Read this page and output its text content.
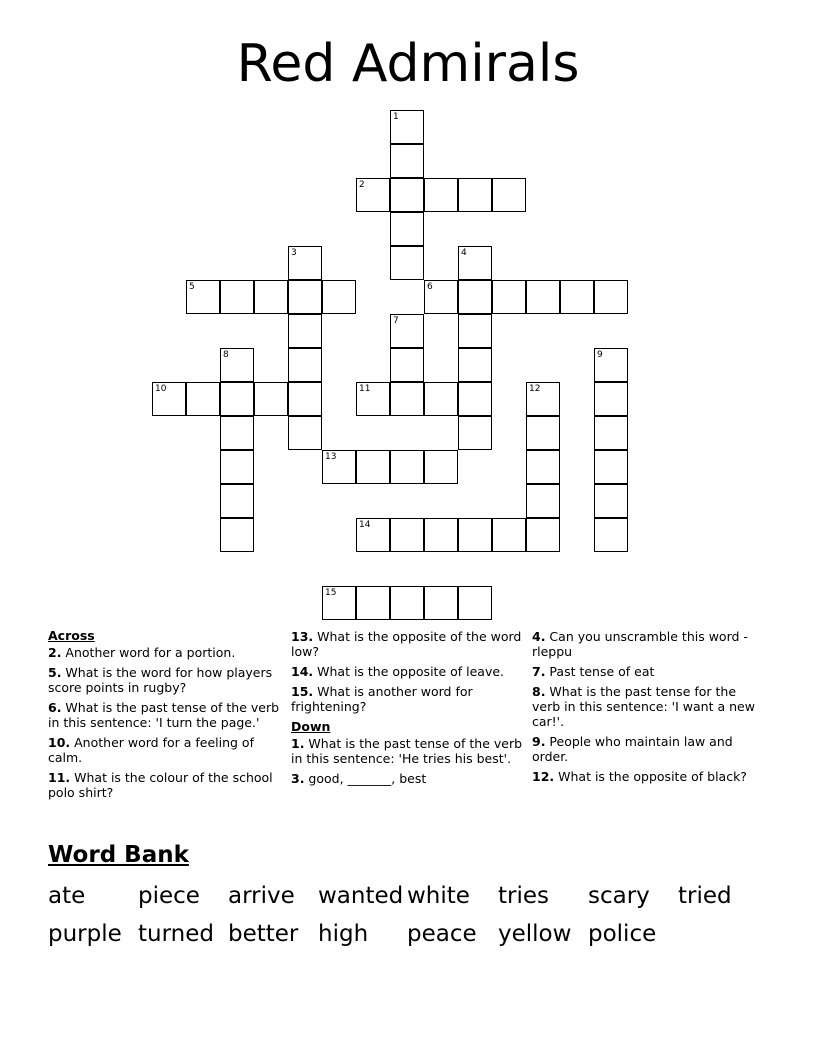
Red Admirals
1
2
3	4
5	6
7
8	9
10	11	12
13
14
15
Across
2. Another word for a portion.
5. What is the word for how players score points in rugby?
6. What is the past tense of the verb in this sentence: 'I turn the page.'
10. Another word for a feeling of calm.
11. What is the colour of the school polo shirt?
13. What is the opposite of the word low?
14. What is the opposite of leave.
15. What is another word for frightening?
Down
1. What is the past tense of the verb in this sentence: 'He tries his best'.
3. good, _______, best
4. Can you unscramble this word - rleppu
7. Past tense of eat
8. What is the past tense for the verb in this sentence: 'I want a new car!'.
9. People who maintain law and order.
12. What is the opposite of black?
Word Bank
ate piece arrive wanted white tries scary tried
purple turned better high peace yellow police
